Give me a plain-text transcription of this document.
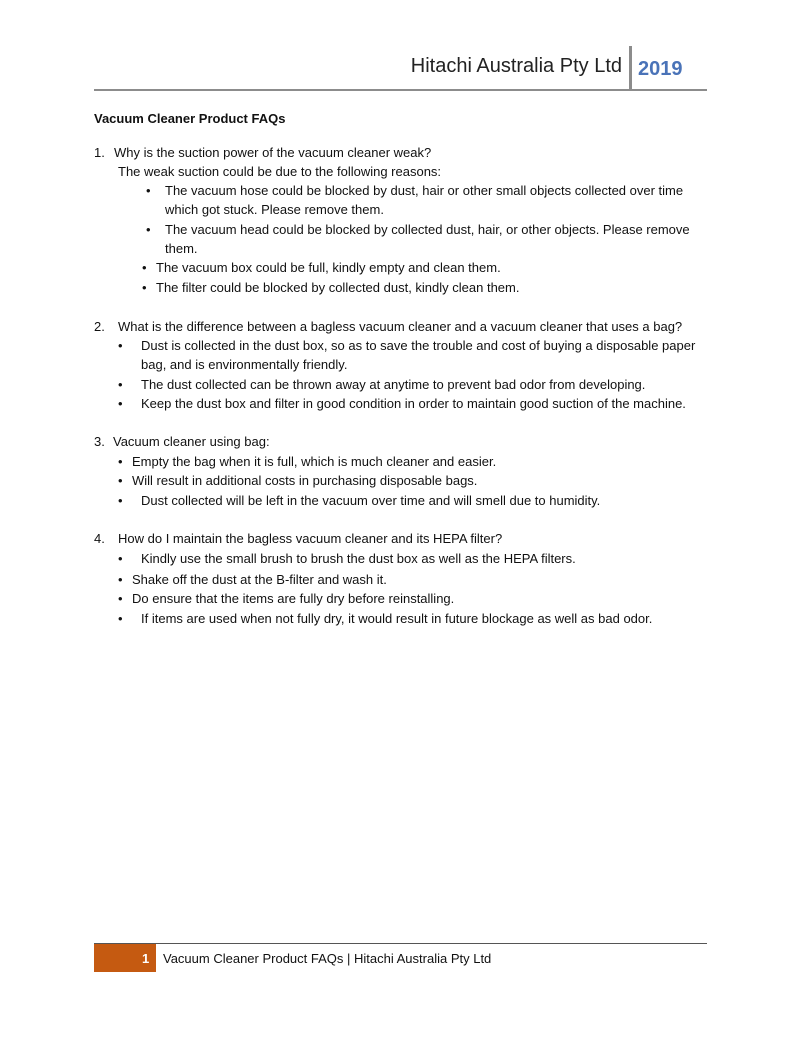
Hitachi Australia Pty Ltd 2019
Vacuum Cleaner Product FAQs
1. Why is the suction power of the vacuum cleaner weak?
The weak suction could be due to the following reasons:
• The vacuum hose could be blocked by dust, hair or other small objects collected over time
which got stuck. Please remove them.
• The vacuum head could be blocked by collected dust, hair, or other objects. Please remove
them.
• The vacuum box could be full, kindly empty and clean them.
• The filter could be blocked by collected dust, kindly clean them.
2. What is the difference between a bagless vacuum cleaner and a vacuum cleaner that uses a bag?
• Dust is collected in the dust box, so as to save the trouble and cost of buying a disposable paper
bag, and is environmentally friendly.
• The dust collected can be thrown away at anytime to prevent bad odor from developing.
• Keep the dust box and filter in good condition in order to maintain good suction of the machine.
3. Vacuum cleaner using bag:
• Empty the bag when it is full, which is much cleaner and easier.
• Will result in additional costs in purchasing disposable bags.
• Dust collected will be left in the vacuum over time and will smell due to humidity.
4. How do I maintain the bagless vacuum cleaner and its HEPA filter?
• Kindly use the small brush to brush the dust box as well as the HEPA filters.
• Shake off the dust at the B-filter and wash it.
• Do ensure that the items are fully dry before reinstalling.
• If items are used when not fully dry, it would result in future blockage as well as bad odor.
1 Vacuum Cleaner Product FAQs | Hitachi Australia Pty Ltd
